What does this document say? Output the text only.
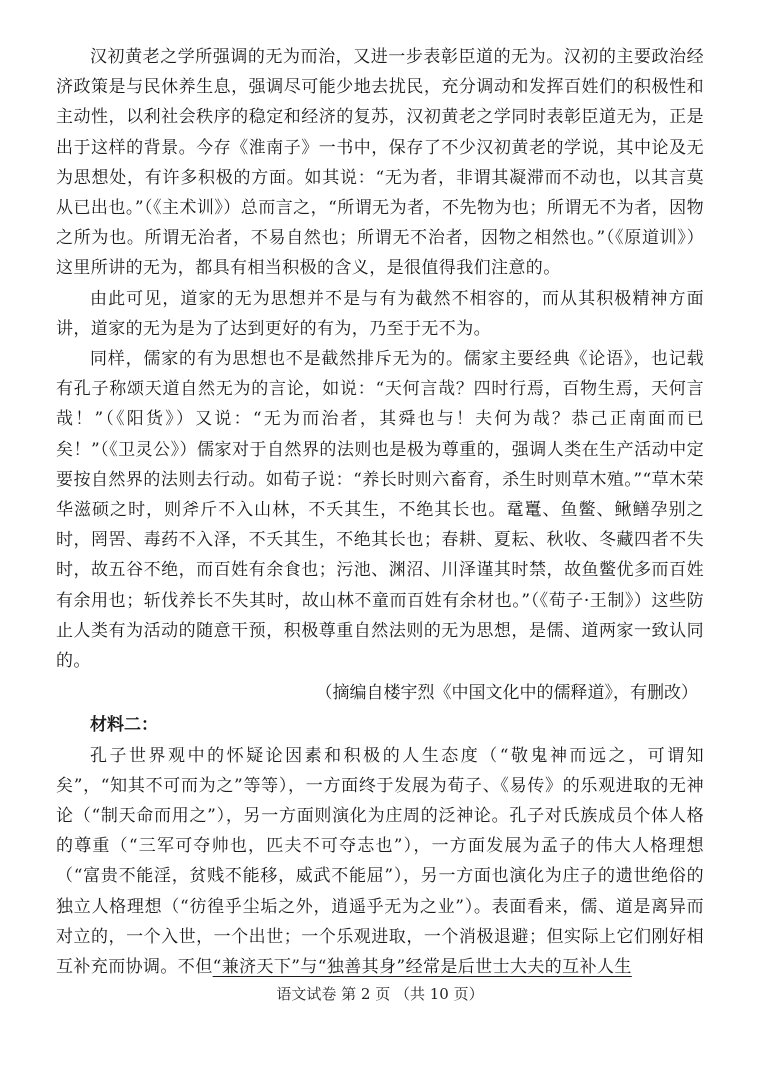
汉初黄老之学所强调的无为而治，又进一步表彰臣道的无为。汉初的主要政治经济政策是与民休养生息，强调尽可能少地去扰民，充分调动和发挥百姓们的积极性和主动性，以利社会秩序的稳定和经济的复苏，汉初黄老之学同时表彰臣道无为，正是出于这样的背景。今存《淮南子》一书中，保存了不少汉初黄老的学说，其中论及无为思想处，有许多积极的方面。如其说：“无为者，非谓其凝滞而不动也，以其言莫从已出也。”（《主术训》）总而言之，“所谓无为者，不先物为也；所谓无不为者，因物之所为也。所谓无治者，不易自然也；所谓无不治者，因物之相然也。”（《原道训》）这里所讲的无为，都具有相当积极的含义，是很值得我们注意的。

由此可见，道家的无为思想并不是与有为截然不相容的，而从其积极精神方面讲，道家的无为是为了达到更好的有为，乃至于无不为。

同样，儒家的有为思想也不是截然排斥无为的。儒家主要经典《论语》，也记载有孔子称颂天道自然无为的言论，如说：“天何言哉？四时行焉，百物生焉，天何言哉！”（《阳货》）又说：“无为而治者，其舜也与！夫何为哉？恭己正南面而已矣！”（《卫灵公》）儒家对于自然界的法则也是极为尊重的，强调人类在生产活动中定要按自然界的法则去行动。如荀子说：“养长时则六畜育，杀生时则草木殖。”“草木荣华滋硕之时，则斧斤不入山林，不夭其生，不绝其长也。鼋鼍、鱼鳖、鳅鳝孕别之时，罔罟、毒药不入泽，不夭其生，不绝其长也；春耕、夏耘、秋收、冬藏四者不失时，故五谷不绝，而百姓有余食也；污池、渊沼、川泽谨其时禁，故鱼鳖优多而百姓有余用也；斩伐养长不失其时，故山林不童而百姓有余材也。”（《荀子·王制》）这些防止人类有为活动的随意干预，积极尊重自然法则的无为思想，是儒、道两家一致认同的。

（摘编自楼宇烈《中国文化中的儒释道》，有删改）

材料二：

孔子世界观中的怀疑论因素和积极的人生态度（“敬鬼神而远之，可谓知矣”，“知其不可而为之”等等），一方面终于发展为荀子、《易传》的乐观进取的无神论（“制天命而用之”），另一方面则演化为庄周的泛神论。孔子对氏族成员个体人格的尊重（“三军可夺帅也，匹夫不可夺志也”），一方面发展为孟子的伟大人格理想（“富贵不能淫，贫贱不能移，威武不能屈”），另一方面也演化为庄子的遗世绝俗的独立人格理想（“彷徨乎尘垢之外，逍遥乎无为之业”）。表面看来，儒、道是离异而对立的，一个入世，一个出世；一个乐观进取，一个消极退避；但实际上它们刚好相互补充而协调。不但“兼济天下”与“独善其身”经常是后世士大夫的互补人生

语文试卷 第 2 页 （共 10 页）
